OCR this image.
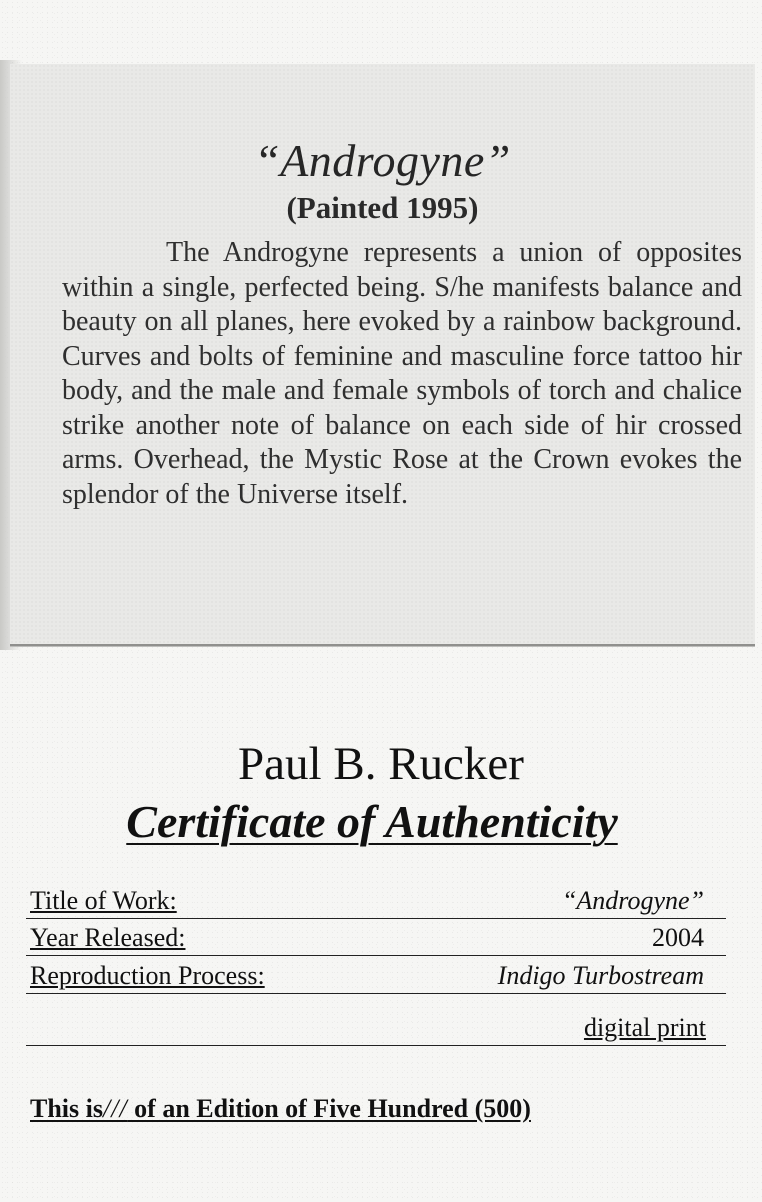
“Androgyne”
(Painted 1995)

The Androgyne represents a union of opposites within a single, perfected being. S/he manifests balance and beauty on all planes, here evoked by a rainbow background. Curves and bolts of feminine and masculine force tattoo hir body, and the male and female symbols of torch and chalice strike another note of balance on each side of hir crossed arms. Overhead, the Mystic Rose at the Crown evokes the splendor of the Universe itself.

Paul B. Rucker
Certificate of Authenticity
Title of Work:	“Androgyne”
Year Released:	2004
Reproduction Process:	Indigo Turbostream
digital print
This is/// of an Edition of Five Hundred (500)
